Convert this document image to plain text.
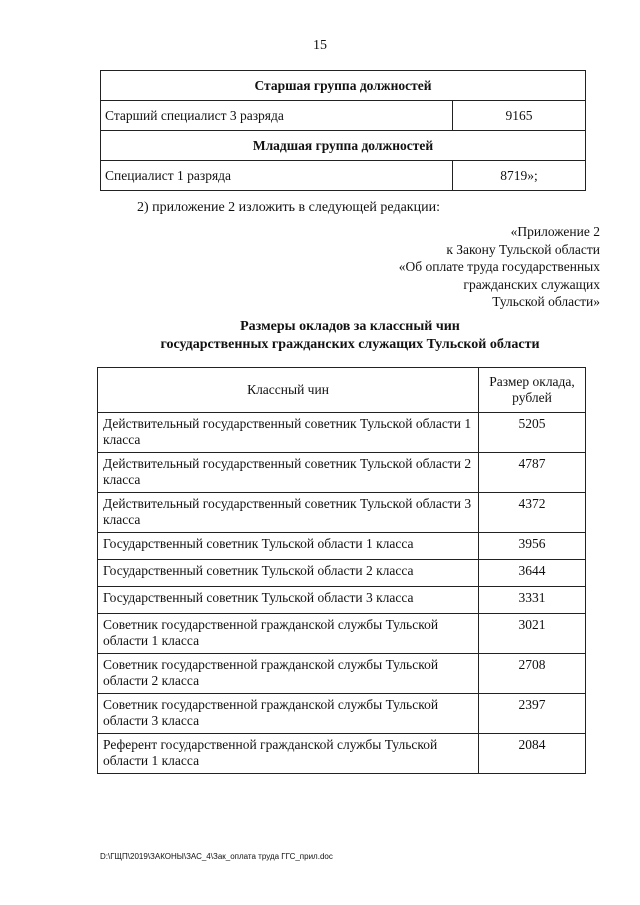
15
Старшая группа должностей	
Старший специалист 3 разряда	9165
Младшая группа должностей	
Специалист 1 разряда	8719»;
2) приложение 2 изложить в следующей редакции:
«Приложение 2
к Закону Тульской области
«Об оплате труда государственных
гражданских служащих
Тульской области»
Размеры окладов за классный чин
государственных гражданских служащих Тульской области
Классный чин	Размер оклада,
рублей

Действительный государственный советник Тульской области 1 класса	5205
Действительный государственный советник Тульской области 2 класса	4787
Действительный государственный советник Тульской области 3 класса	4372
Государственный советник Тульской области 1 класса	3956
Государственный советник Тульской области 2 класса	3644
Государственный советник Тульской области 3 класса	3331
Советник государственной гражданской службы Тульской области 1 класса	3021
Советник государственной гражданской службы Тульской области 2 класса	2708
Советник государственной гражданской службы Тульской области 3 класса	2397
Референт государственной гражданской службы Тульской области 1 класса	2084
D:\ГЩП\2019\ЗАКОНЫ\ЗАС_4\Зак_оплата труда ГГС_прил.doc
